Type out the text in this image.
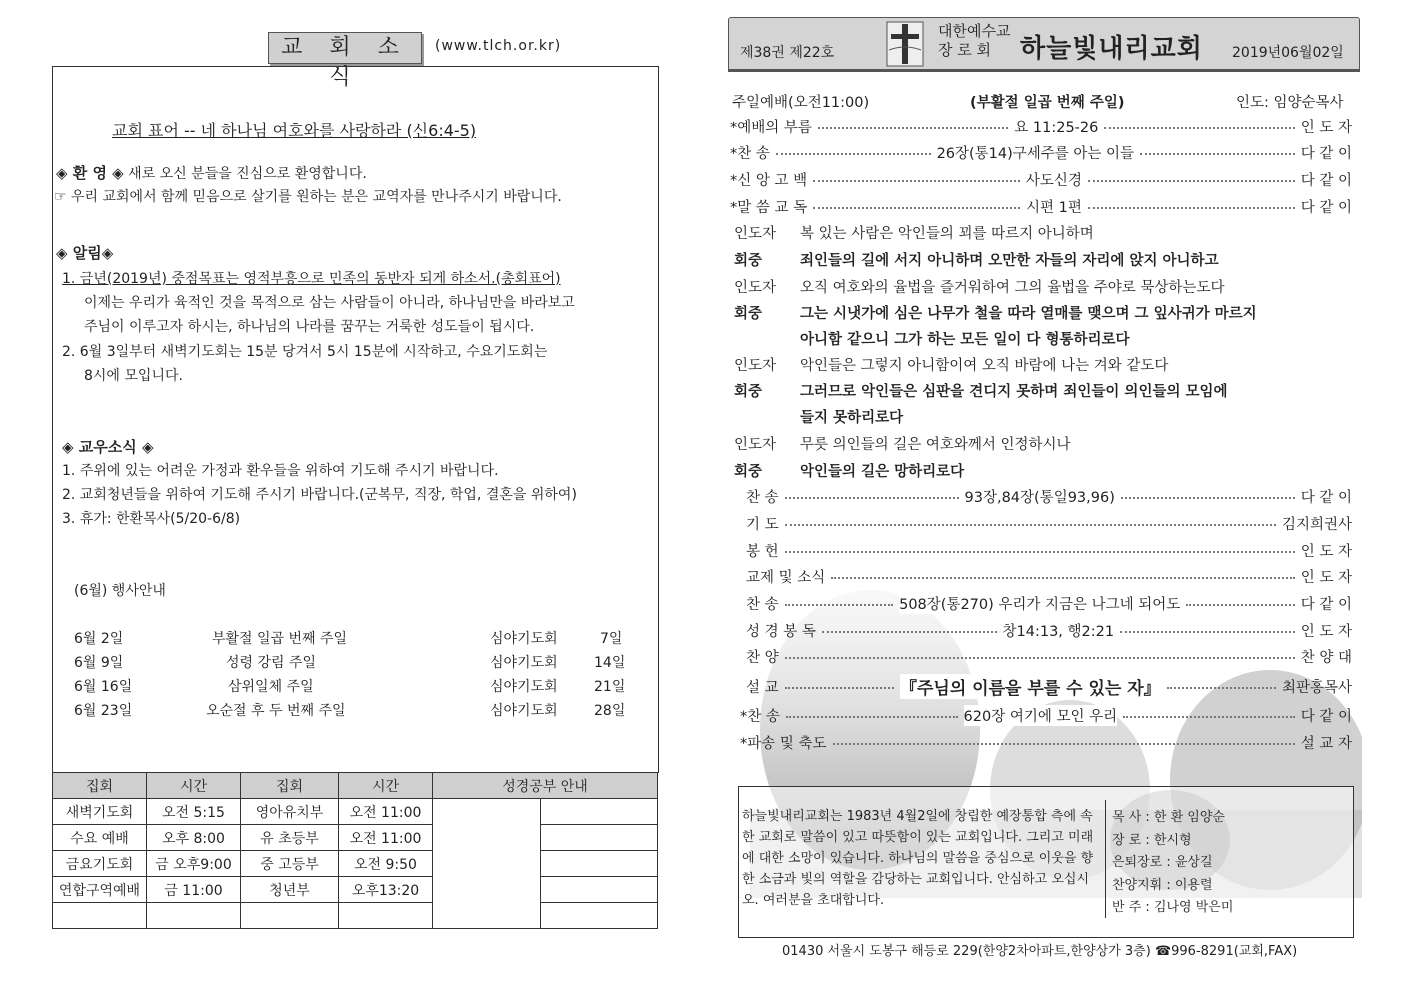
교 회 소 식
(www.tlch.or.kr)
교회 표어 -- 네 하나님 여호와를 사랑하라 (신6:4-5)
◈ 환 영 ◈ 새로 오신 분들을 진심으로 환영합니다.
☞ 우리 교회에서 함께 믿음으로 살기를 원하는 분은 교역자를 만나주시기 바랍니다.
◈ 알림◈
1. 금년(2019년) 중점목표는 영적부흥으로 민족의 동반자 되게 하소서.(총회표어)
이제는 우리가 육적인 것을 목적으로 삼는 사람들이 아니라, 하나님만을 바라보고
주님이 이루고자 하시는, 하나님의 나라를 꿈꾸는 거룩한 성도들이 됩시다.
2. 6월 3일부터 새벽기도회는 15분 당겨서 5시 15분에 시작하고, 수요기도회는
8시에 모입니다.
◈ 교우소식 ◈
1. 주위에 있는 어려운 가정과 환우들을 위하여 기도해 주시기 바랍니다.
2. 교회청년들을 위하여 기도해 주시기 바랍니다.(군복무, 직장, 학업, 결혼을 위하여)
3. 휴가: 한환목사(5/20-6/8)
(6월) 행사안내
6월 2일	부활절 일곱 번째 주일	심야기도회	7일
6월 9일	성령 강림 주일	심야기도회	14일
6월 16일	삼위일체 주일	심야기도회	21일
6월 23일	오순절 후 두 번째 주일	심야기도회	28일
집회	시간	집회	시간	성경공부 안내	
새벽기도회	오전 5:15	영아유치부	오전 11:00		
수요 예배	오후 8:00	유 초등부	오전 11:00		
금요기도회	금 오후9:00	중 고등부	오전 9:50		
연합구역예배	금 11:00	청년부	오후13:20		

제38권 제22호
대한예수교
장 로 회	하늘빛내리교회 2019년06월02일
주일예배(오전11:00)	(부활절 일곱 번째 주일)	인도: 임양순목사
*예배의 부름	요 11:25-26	인 도 자
*찬 송	26장(통14)구세주를 아는 이들	다 같 이
*신 앙 고 백	사도신경	다 같 이
*말 씀 교 독	시편 1편	다 같 이
인도자 복 있는 사람은 악인들의 꾀를 따르지 아니하며
회중	죄인들의 길에 서지 아니하며 오만한 자들의 자리에 앉지 아니하고
인도자 오직 여호와의 율법을 즐거워하여 그의 율법을 주야로 묵상하는도다
회중	그는 시냇가에 심은 나무가 철을 따라 열매를 맺으며 그 잎사귀가 마르지
아니함 같으니 그가 하는 모든 일이 다 형통하리로다
인도자 악인들은 그렇지 아니함이여 오직 바람에 나는 겨와 같도다
회중	그러므로 악인들은 심판을 견디지 못하며 죄인들이 의인들의 모임에
들지 못하리로다
인도자 무릇 의인들의 길은 여호와께서 인정하시나
회중	악인들의 길은 망하리로다
찬 송	93장,84장(통일93,96)	다 같 이
기 도	김지희권사
봉 헌	인 도 자
교제 및 소식	인 도 자
찬 송	508장(통270) 우리가 지금은 나그네 되어도	다 같 이
성 경 봉 독	창14:13, 행2:21	인 도 자
찬 양	찬 양 대
설 교	『주님의 이름을 부를 수 있는 자』	최판홍목사
*찬 송	620장 여기에 모인 우리	다 같 이
*파송 및 축도	설 교 자
하늘빛내리교회는 1983년 4월2일에 창립한 예장통합 측에 속한 교회로 말씀이 있고 따뜻함이 있는 교회입니다. 그리고 미래에 대한 소망이 있습니다. 하나님의 말씀을 중심으로 이웃을 향한 소금과 빛의 역할을 감당하는 교회입니다. 안심하고 오십시오. 여러분을 초대합니다.
목 사 : 한 환 임양순
장 로 : 한시형
은퇴장로 : 윤상길
찬양지휘 : 이용렬
반 주 : 김나영 박은미
01430 서울시 도봉구 해등로 229(한양2차아파트,한양상가 3층) ☎996-8291(교회,FAX)
